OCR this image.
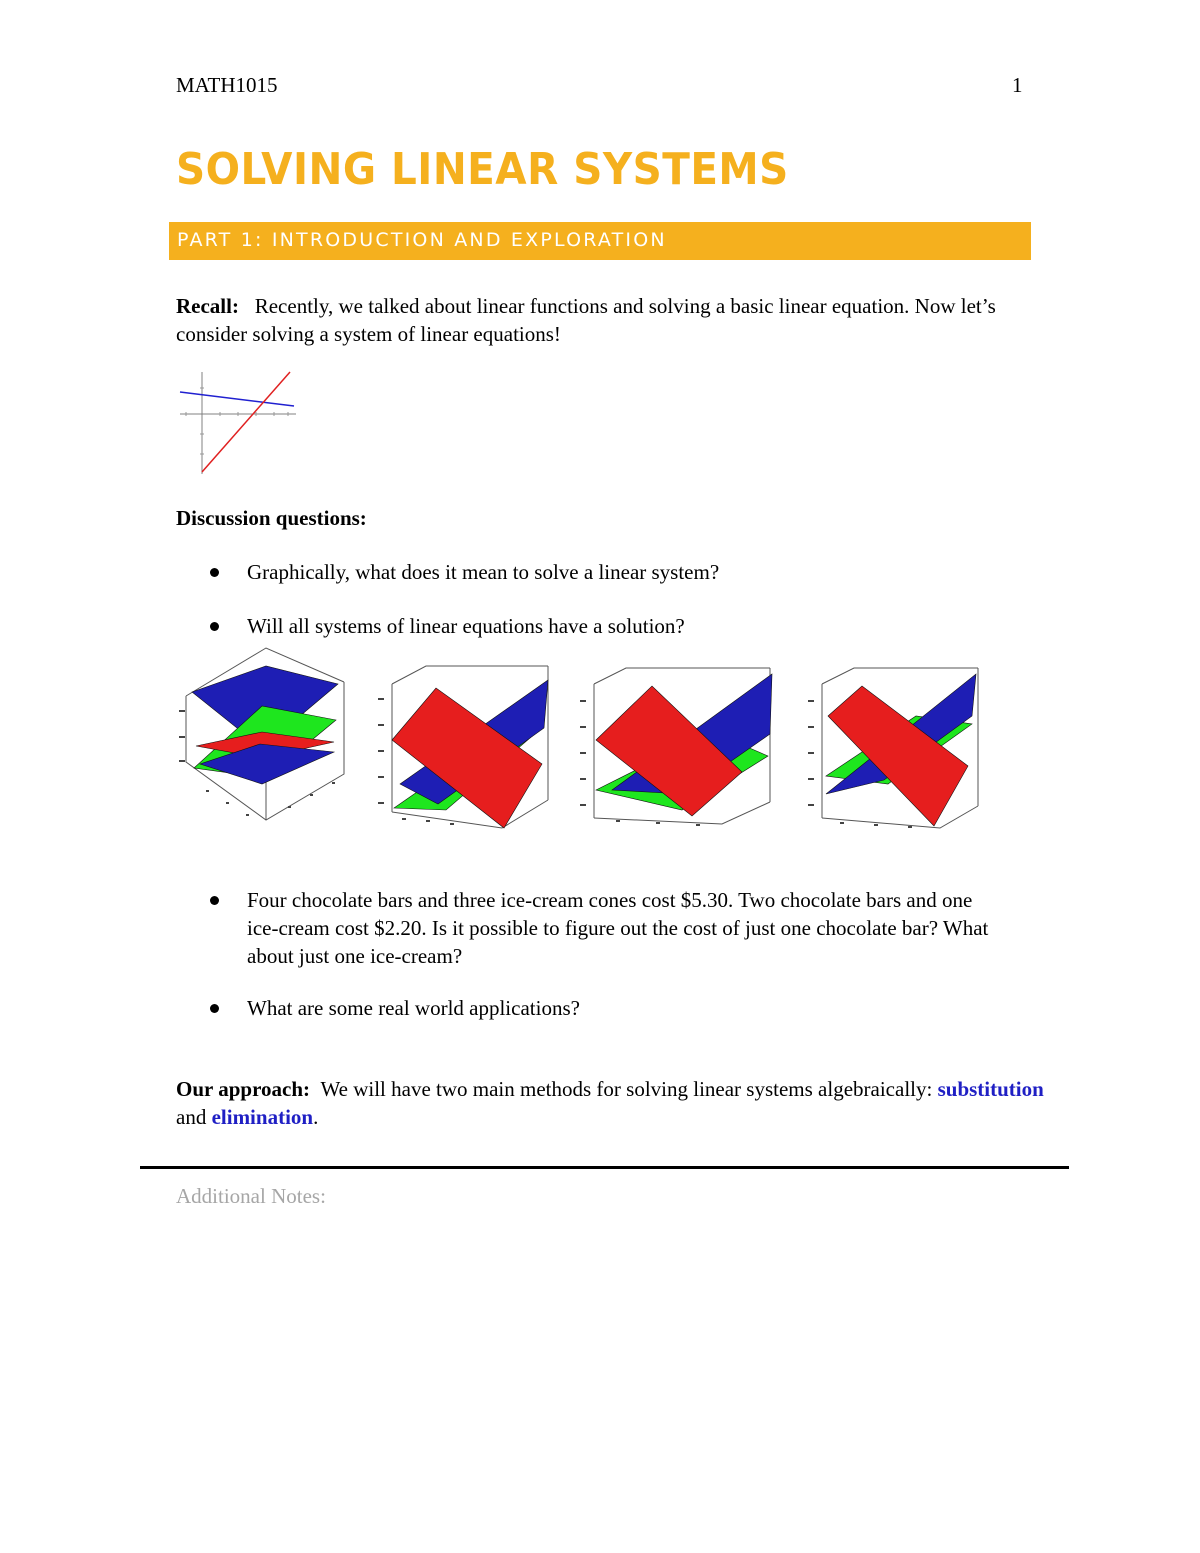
MATH1015	1
SOLVING LINEAR SYSTEMS
PART 1: INTRODUCTION AND EXPLORATION
Recall: Recently, we talked about linear functions and solving a basic linear equation. Now let’s consider solving a system of linear equations!
Discussion questions:
Graphically, what does it mean to solve a linear system?
Will all systems of linear equations have a solution?
Four chocolate bars and three ice-cream cones cost $5.30. Two chocolate bars and one ice-cream cost $2.20. Is it possible to figure out the cost of just one chocolate bar? What about just one ice-cream?
What are some real world applications?
Our approach: We will have two main methods for solving linear systems algebraically: substitution and elimination.
Additional Notes:
